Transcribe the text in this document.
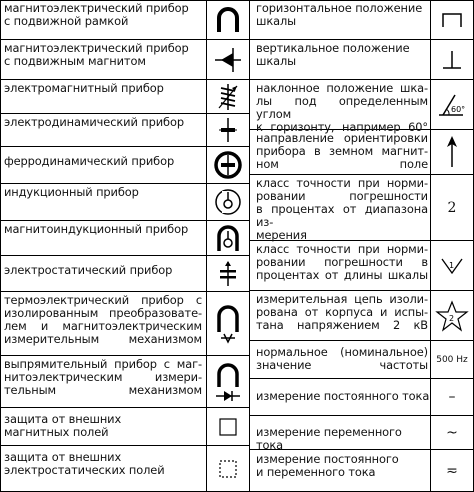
магнитоэлектрический прибор
с подвижной рамкой
магнитоэлектрический прибор
с подвижным магнитом
электромагнитный прибор
электродинамический прибор
ферродинамический прибор
индукционный прибор
магнитоиндукционный прибор
электростатический прибор
термоэлектрический прибор с
изолированным преобразовате-
лем и магнитоэлектрическим
измерительным механизмом
выпрямительный прибор с маг-
нитоэлектрическим измери-
тельным механизмом
защита от внешних
магнитных полей
защита от внешних
электростатических полей
горизонтальное положение
шкалы
вертикальное положение
шкалы
наклонное положение шка-
лы под определенным углом
к горизонту, например 60°
60°
направление ориентировки
прибора в земном магнит-
ном поле
класс точности при норми-
ровании погрешности
в процентах от диапазона из-
мерения
2
класс точности при норми-
ровании погрешности в
процентах от длины шкалы
1
измерительная цепь изоли-
рована от корпуса и испы-
тана напряжением 2 кВ	2
нормальное (номинальное)
значение частоты 500 Hz
измерение постоянного тока –
измерение переменного тока
~
измерение постоянного
и переменного тока	≂
